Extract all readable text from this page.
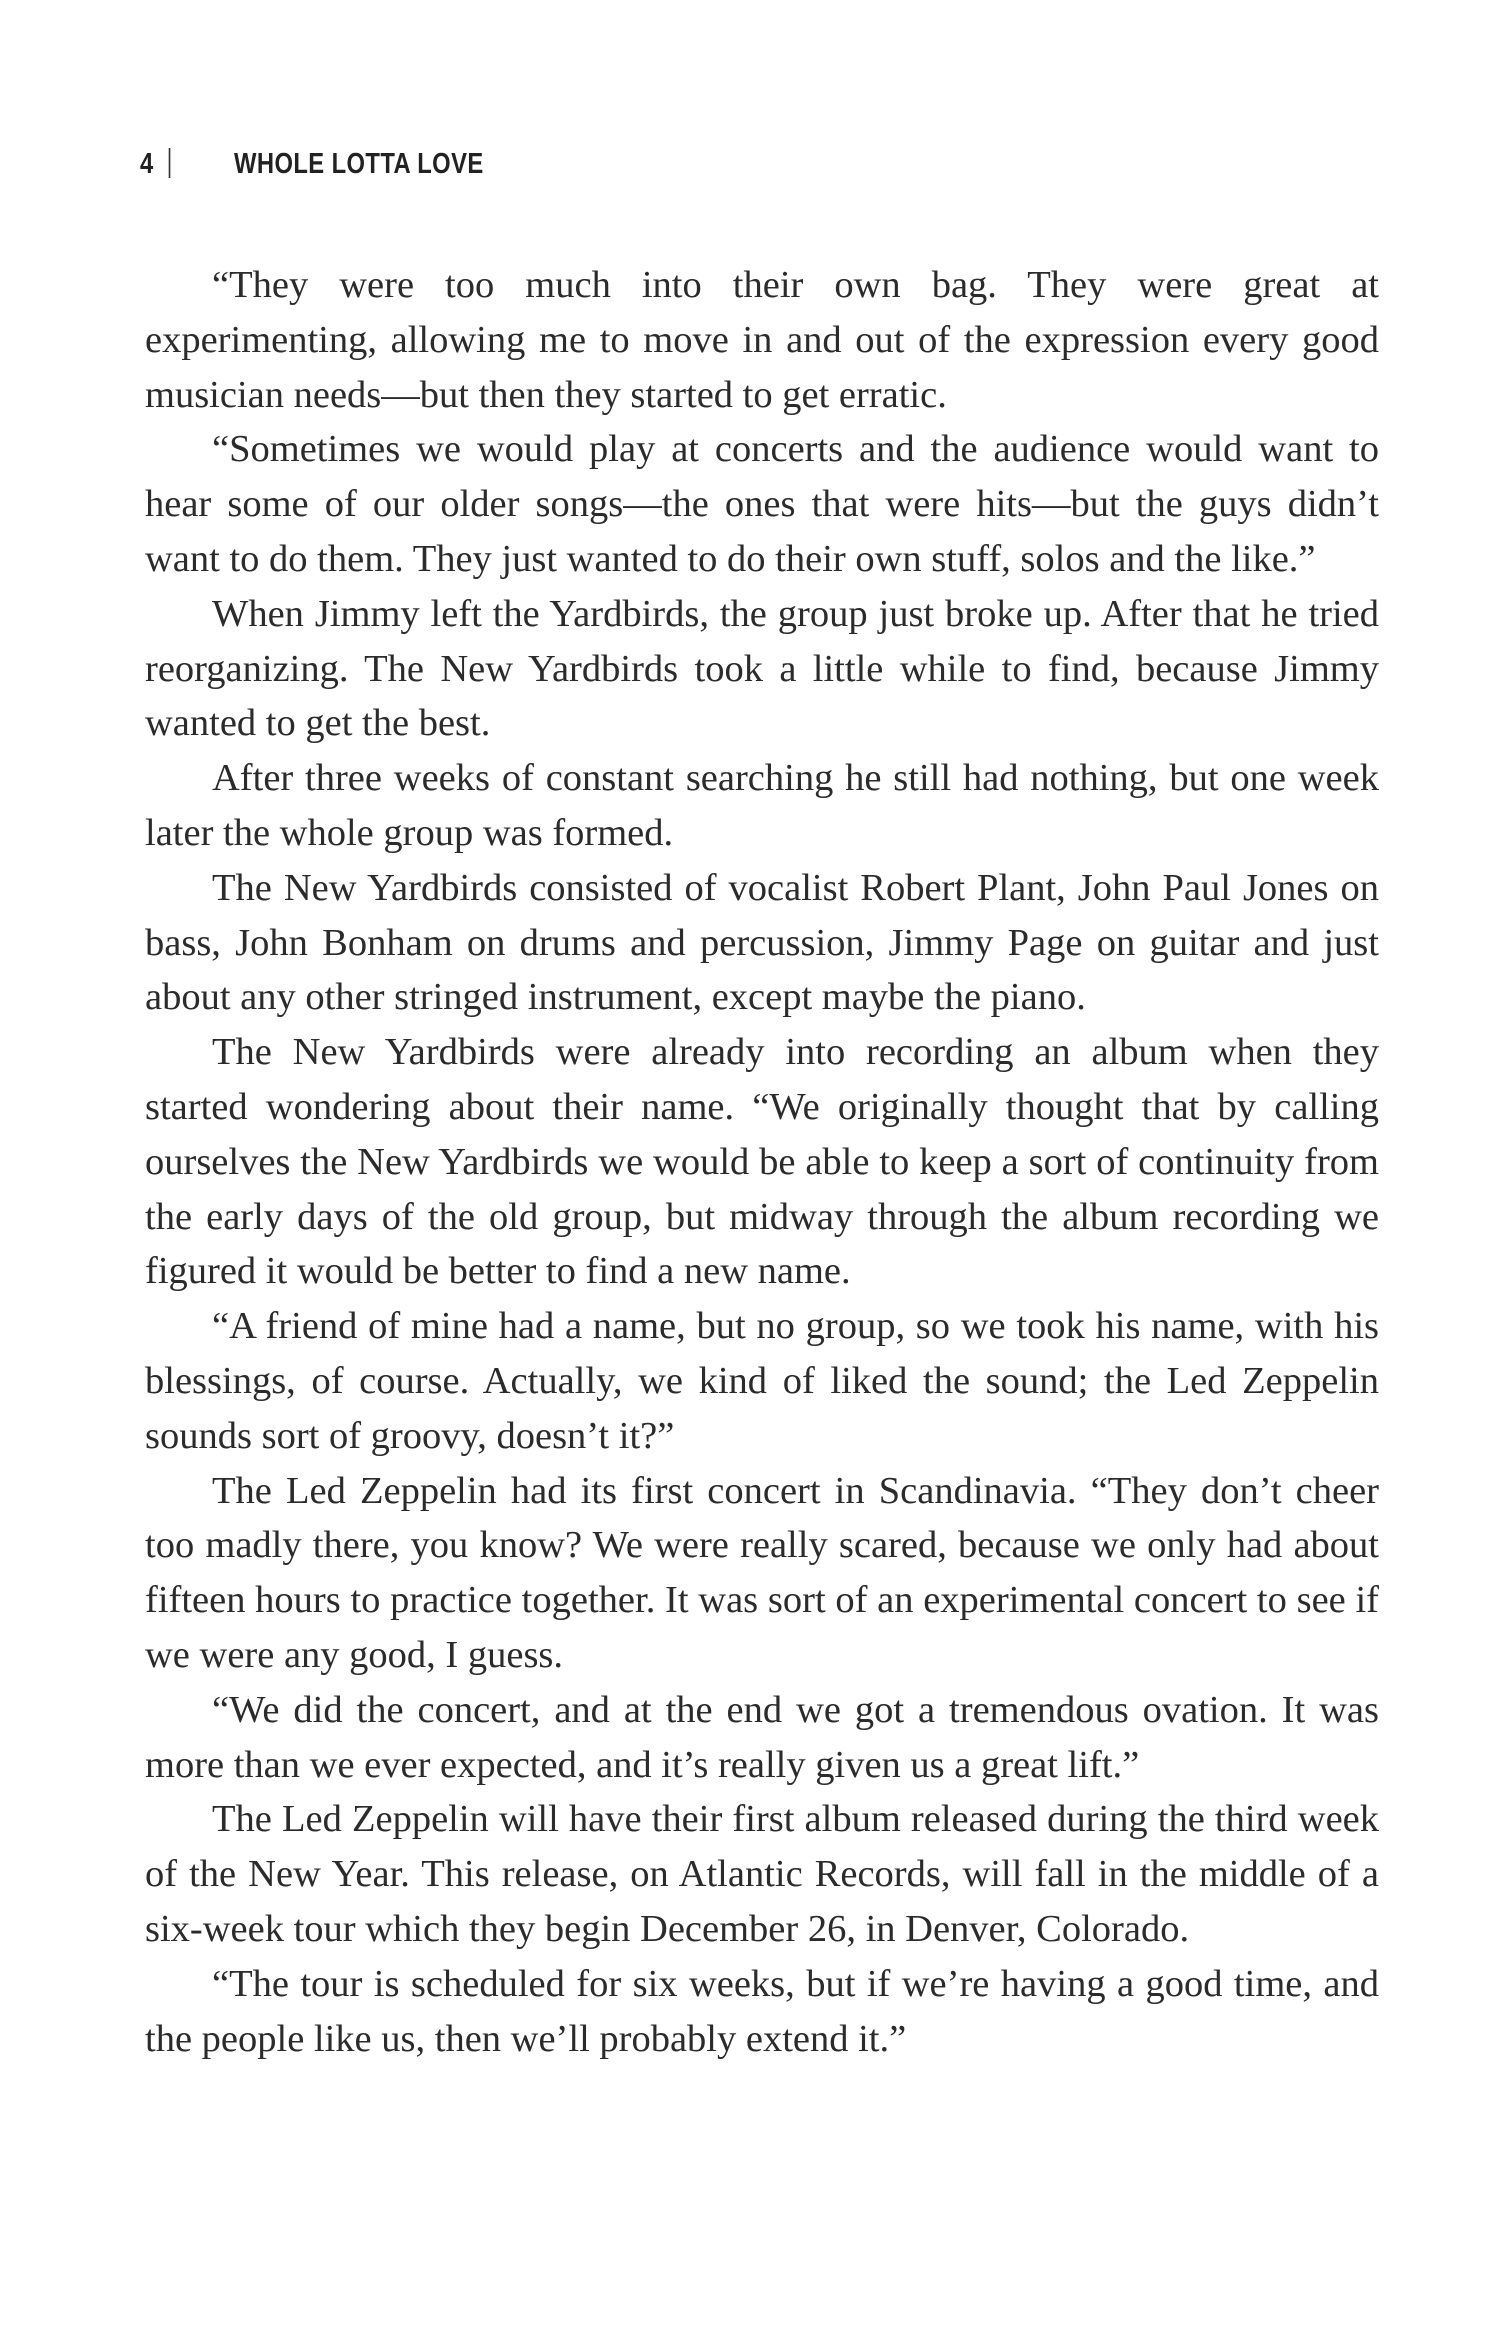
4	WHOLE LOTTA LOVE

“They were too much into their own bag. They were great at experimenting, allowing me to move in and out of the expression every good musician needs—but then they started to get erratic.

“Sometimes we would play at concerts and the audience would want to hear some of our older songs—the ones that were hits—but the guys didn’t want to do them. They just wanted to do their own stuff, solos and the like.”

When Jimmy left the Yardbirds, the group just broke up. After that he tried reorganizing. The New Yardbirds took a little while to find, because Jimmy wanted to get the best.

After three weeks of constant searching he still had nothing, but one week later the whole group was formed.

The New Yardbirds consisted of vocalist Robert Plant, John Paul Jones on bass, John Bonham on drums and percussion, Jimmy Page on guitar and just about any other stringed instrument, except maybe the piano.

The New Yardbirds were already into recording an album when they started wondering about their name. “We originally thought that by calling ourselves the New Yardbirds we would be able to keep a sort of continuity from the early days of the old group, but midway through the album recording we figured it would be better to find a new name.

“A friend of mine had a name, but no group, so we took his name, with his blessings, of course. Actually, we kind of liked the sound; the Led Zeppelin sounds sort of groovy, doesn’t it?”

The Led Zeppelin had its first concert in Scandinavia. “They don’t cheer too madly there, you know? We were really scared, because we only had about fifteen hours to practice together. It was sort of an experimental concert to see if we were any good, I guess.

“We did the concert, and at the end we got a tremendous ovation. It was more than we ever expected, and it’s really given us a great lift.”

The Led Zeppelin will have their first album released during the third week of the New Year. This release, on Atlantic Records, will fall in the middle of a six-week tour which they begin December 26, in Denver, Colorado.

“The tour is scheduled for six weeks, but if we’re having a good time, and the people like us, then we’ll probably extend it.”
